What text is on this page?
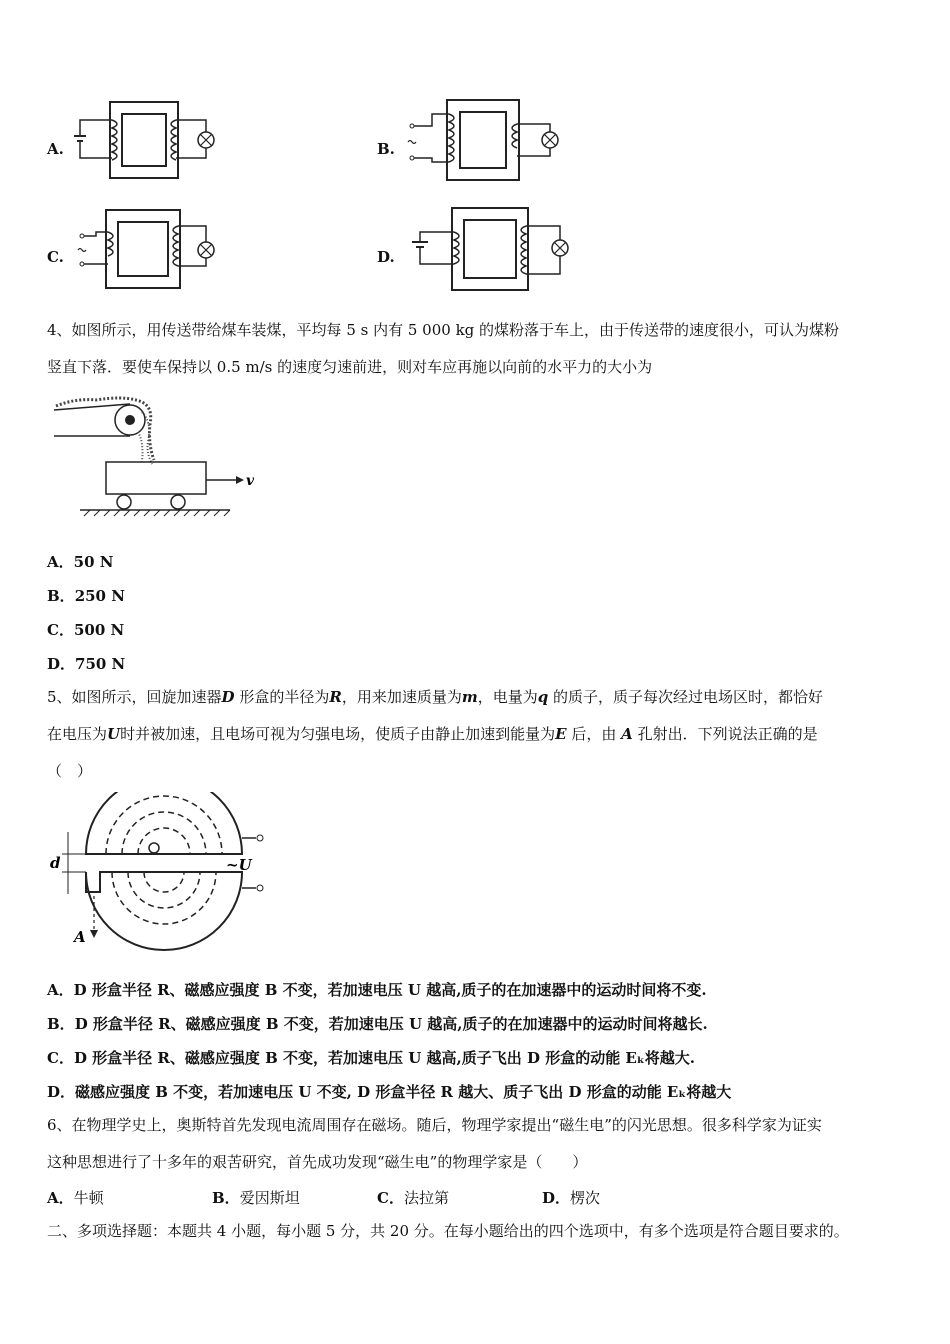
A.	B.
C.	D.
4、如图所示，用传送带给煤车装煤，平均每 5 s 内有 5 000 kg 的煤粉落于车上，由于传送带的速度很小，可认为煤粉
竖直下落．要使车保持以 0.5 m/s 的速度匀速前进，则对车应再施以向前的水平力的大小为
v
A．50 N
B．250 N
C．500 N
D．750 N
5、如图所示，回旋加速器D 形盒的半径为R，用来加速质量为m，电量为q 的质子，质子每次经过电场区时，都恰好
在电压为U时并被加速，且电场可视为匀强电场，使质子由静止加速到能量为E 后，由 A 孔射出．下列说法正确的是
（　）
A
d	~U
A．D 形盒半径 R、磁感应强度 B 不变，若加速电压 U 越高,质子的在加速器中的运动时间将不变.
B．D 形盒半径 R、磁感应强度 B 不变，若加速电压 U 越高,质子的在加速器中的运动时间将越长.
C．D 形盒半径 R、磁感应强度 B 不变，若加速电压 U 越高,质子飞出 D 形盒的动能 Eₖ将越大.
D．磁感应强度 B 不变，若加速电压 U 不变, D 形盒半径 R 越大、质子飞出 D 形盒的动能 Eₖ将越大
6、在物理学史上，奥斯特首先发现电流周围存在磁场。随后，物理学家提出“磁生电”的闪光思想。很多科学家为证实
这种思想进行了十多年的艰苦研究，首先成功发现“磁生电”的物理学家是（　　）
A．牛顿	B．爱因斯坦	C．法拉第	D．楞次
二、多项选择题：本题共 4 小题，每小题 5 分，共 20 分。在每小题给出的四个选项中，有多个选项是符合题目要求的。
